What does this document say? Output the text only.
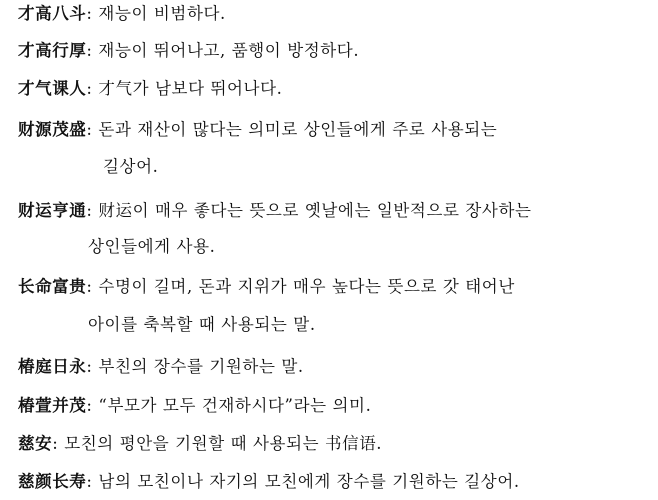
才高八斗: 재능이 비범하다.
才高行厚: 재능이 뛰어나고, 품행이 방정하다.
才气课人: 才气가 남보다 뛰어나다.
财源茂盛: 돈과 재산이 많다는 의미로 상인들에게 주로 사용되는
길상어.
财运亨通: 财运이 매우 좋다는 뜻으로 옛날에는 일반적으로 장사하는
상인들에게 사용.
长命富贵: 수명이 길며, 돈과 지위가 매우 높다는 뜻으로 갓 태어난
아이를 축복할 때 사용되는 말.
椿庭日永: 부친의 장수를 기원하는 말.
椿萱并茂: “부모가 모두 건재하시다”라는 의미.
慈安: 모친의 평안을 기원할 때 사용되는 书信语.
慈颜长寿: 남의 모친이나 자기의 모친에게 장수를 기원하는 길상어.
